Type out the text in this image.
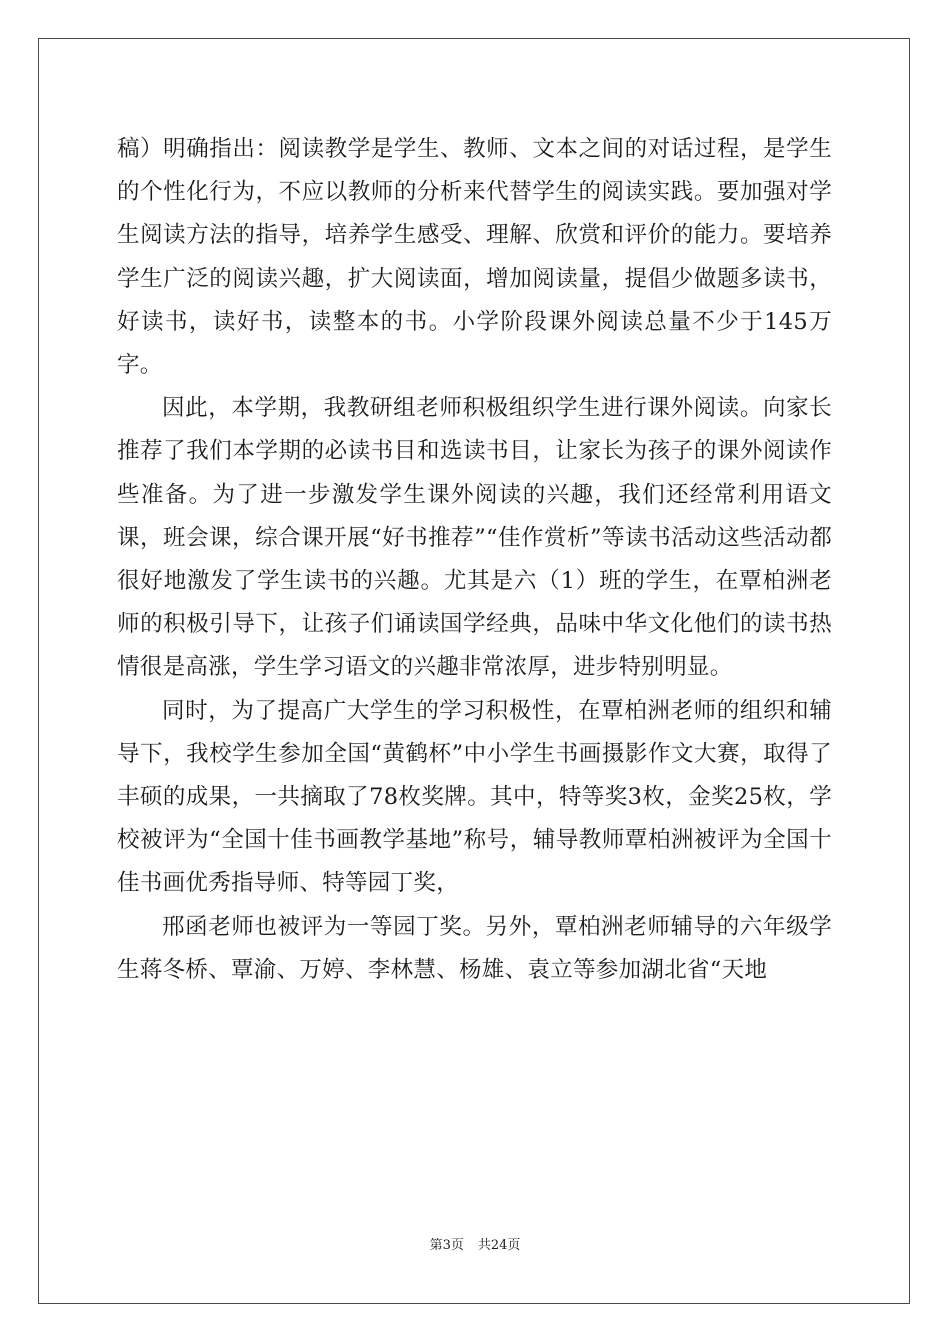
稿）明确指出：阅读教学是学生、教师、文本之间的对话过程，是学生的个性化行为，不应以教师的分析来代替学生的阅读实践。要加强对学生阅读方法的指导，培养学生感受、理解、欣赏和评价的能力。要培养学生广泛的阅读兴趣，扩大阅读面，增加阅读量，提倡少做题多读书，好读书，读好书，读整本的书。小学阶段课外阅读总量不少于145万字。

因此，本学期，我教研组老师积极组织学生进行课外阅读。向家长推荐了我们本学期的必读书目和选读书目，让家长为孩子的课外阅读作些准备。为了进一步激发学生课外阅读的兴趣，我们还经常利用语文课，班会课，综合课开展“好书推荐”“佳作赏析”等读书活动这些活动都很好地激发了学生读书的兴趣。尤其是六（1）班的学生，在覃柏洲老师的积极引导下，让孩子们诵读国学经典，品味中华文化他们的读书热情很是高涨，学生学习语文的兴趣非常浓厚，进步特别明显。

同时，为了提高广大学生的学习积极性，在覃柏洲老师的组织和辅导下，我校学生参加全国“黄鹤杯”中小学生书画摄影作文大赛，取得了丰硕的成果，一共摘取了78枚奖牌。其中，特等奖3枚，金奖25枚，学校被评为“全国十佳书画教学基地”称号，辅导教师覃柏洲被评为全国十佳书画优秀指导师、特等园丁奖，

邢函老师也被评为一等园丁奖。另外，覃柏洲老师辅导的六年级学生蒋冬桥、覃渝、万婷、李林慧、杨雄、袁立等参加湖北省“天地

第3页 共24页
